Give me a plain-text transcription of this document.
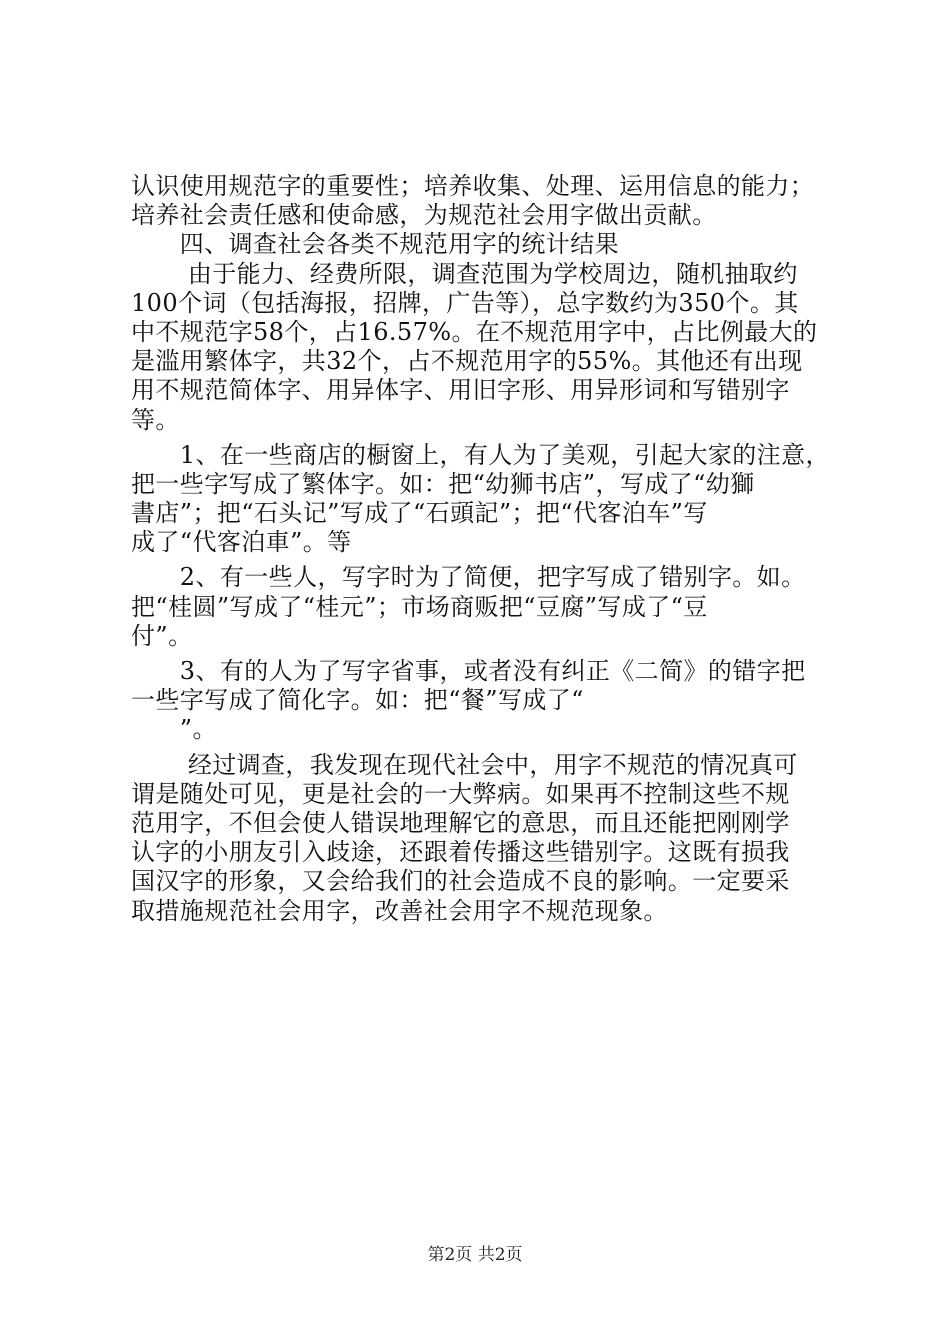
认识使用规范字的重要性；培养收集、处理、运用信息的能力；
培养社会责任感和使命感，为规范社会用字做出贡献。
　　四、调查社会各类不规范用字的统计结果
　　 由于能力、经费所限，调查范围为学校周边，随机抽取约
100个词（包括海报，招牌，广告等），总字数约为350个。其
中不规范字58个，占16.57%。在不规范用字中，占比例最大的
是滥用繁体字，共32个，占不规范用字的55%。其他还有出现
用不规范简体字、用异体字、用旧字形、用异形词和写错别字
等。
　　1、在一些商店的橱窗上，有人为了美观，引起大家的注意，
把一些字写成了繁体字。如：把“幼狮书店”，写成了“幼獅
書店”；把“石头记”写成了“石頭記”；把“代客泊车”写
成了“代客泊車”。等
　　2、有一些人，写字时为了简便，把字写成了错别字。如。
把“桂圆”写成了“桂元”；市场商贩把“豆腐”写成了“豆
付”。
　　3、有的人为了写字省事，或者没有纠正《二简》的错字把
一些字写成了简化字。如：把“餐”写成了“
　　”。
　　 经过调查，我发现在现代社会中，用字不规范的情况真可
谓是随处可见，更是社会的一大弊病。如果再不控制这些不规
范用字，不但会使人错误地理解它的意思，而且还能把刚刚学
认字的小朋友引入歧途，还跟着传播这些错别字。这既有损我
国汉字的形象，又会给我们的社会造成不良的影响。一定要采
取措施规范社会用字，改善社会用字不规范现象。
第2页 共2页
